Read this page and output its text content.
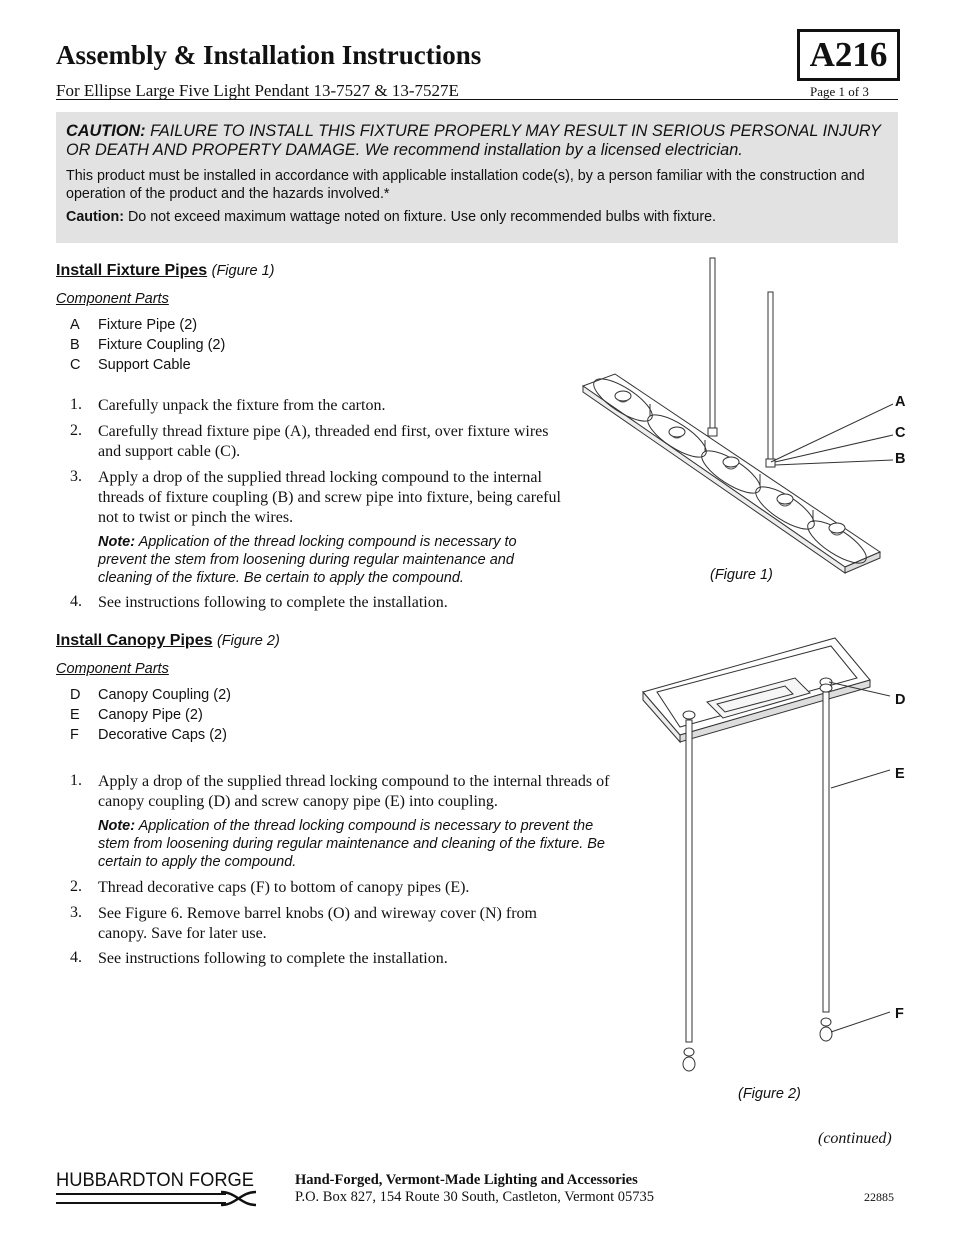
Assembly & Installation Instructions
For Ellipse Large Five Light Pendant 13-7527 & 13-7527E	Page 1 of 3
A216
CAUTION: FAILURE TO INSTALL THIS FIXTURE PROPERLY MAY RESULT IN SERIOUS PERSONAL INJURY OR DEATH AND PROPERTY DAMAGE. We recommend installation by a licensed electrician.
This product must be installed in accordance with applicable installation code(s), by a person familiar with the construction and operation of the product and the hazards involved.*
Caution: Do not exceed maximum wattage noted on fixture. Use only recommended bulbs with fixture.
Install Fixture Pipes (Figure 1)
Component Parts
A Fixture Pipe (2)
B Fixture Coupling (2)
C Support Cable
1. Carefully unpack the fixture from the carton.
2. Carefully thread fixture pipe (A), threaded end first, over fixture wires and support cable (C).
3. Apply a drop of the supplied thread locking compound to the internal threads of fixture coupling (B) and screw pipe into fixture, being careful not to twist or pinch the wires.
Note: Application of the thread locking compound is necessary to prevent the stem from loosening during regular maintenance and cleaning of the fixture. Be certain to apply the compound.
4. See instructions following to complete the installation.
A
C
B
(Figure 1)
Install Canopy Pipes (Figure 2)
Component Parts
D Canopy Coupling (2)
E Canopy Pipe (2)
F Decorative Caps (2)
1. Apply a drop of the supplied thread locking compound to the internal threads of canopy coupling (D) and screw canopy pipe (E) into coupling.
Note: Application of the thread locking compound is necessary to prevent the stem from loosening during regular maintenance and cleaning of the fixture. Be certain to apply the compound.
2. Thread decorative caps (F) to bottom of canopy pipes (E).
3. See Figure 6. Remove barrel knobs (O) and wireway cover (N) from canopy. Save for later use.
4. See instructions following to complete the installation.
D
E
F
(Figure 2)
(continued)
HUBBARDTON FORGE	Hand-Forged, Vermont-Made Lighting and Accessories
P.O. Box 827, 154 Route 30 South, Castleton, Vermont 05735	22885
